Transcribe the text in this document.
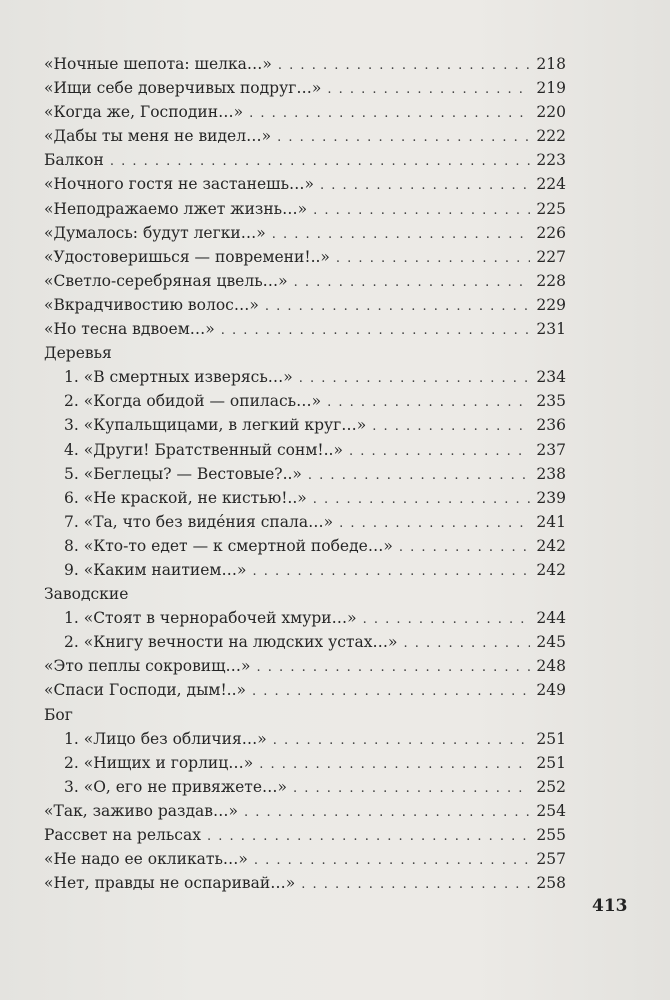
«Ночные шепота: шелка…» . . .	218
«Ищи себе доверчивых подруг…» . . .	219
«Когда же, Господин…» . . .	220
«Дабы ты меня не видел…» . . .	222
Балкон . . .	223
«Ночного гостя не застанешь…» . . .	224
«Неподражаемо лжет жизнь…» . . .	225
«Думалось: будут легки…» . . .	226
«Удостоверишься — повремени!..» . . .	227
«Светло-серебряная цвель…» . . .	228
«Вкрадчивостию волос…» . . .	229
«Но тесна вдвоем…» . . .	231
Деревья
1. «В смертных изверясь…» . . .	234
2. «Когда обидой — опилась…» . . .	235
3. «Купальщицами, в легкий круг…» . . .	236
4. «Други! Братственный сонм!..» . . .	237
5. «Беглецы? — Вестовые?..» . . .	238
6. «Не краской, не кистью!..» . . .	239
7. «Та, что без видéния спала…» . . .	241
8. «Кто-то едет — к смертной победе…» . . .	242
9. «Каким наитием…» . . .	242
Заводские
1. «Стоят в чернорабочей хмури…» . . .	244
2. «Книгу вечности на людских устах…» . . .	245
«Это пеплы сокровищ…» . . .	248
«Спаси Господи, дым!..» . . .	249
Бог
1. «Лицо без обличия…» . . .	251
2. «Нищих и горлиц…» . . .	251
3. «О, его не привяжете…» . . .	252
«Так, заживо раздав…» . . .	254
Рассвет на рельсах . . .	255
«Не надо ее окликать…» . . .	257
«Нет, правды не оспаривай…» . . .	258
413
